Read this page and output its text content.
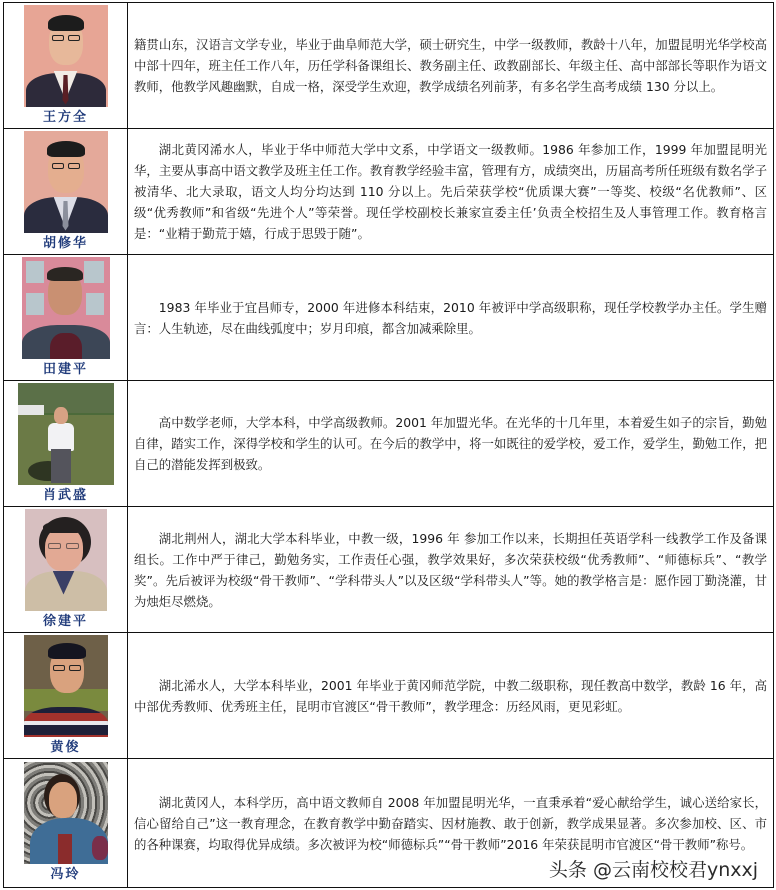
王方全	籍贯山东，汉语言文学专业，毕业于曲阜师范大学，硕士研究生，中学一级教师，教龄十八年，加盟昆明光华学校高中部十四年，班主任工作八年，历任学科备课组长、教务副主任、政教副部长、年级主任、高中部部长等职作为语文教师，他教学风趣幽默，自成一格，深受学生欢迎，教学成绩名列前茅，有多名学生高考成绩 130 分以上。

胡修华	湖北黄冈浠水人，毕业于华中师范大学中文系，中学语文一级教师。1986 年参加工作，1999 年加盟昆明光华，主要从事高中语文教学及班主任工作。教育教学经验丰富，管理有方，成绩突出，历届高考所任班级有数名学子被清华、北大录取，语文人均分均达到 110 分以上。先后荣获学校“优质课大赛”一等奖、校级“名优教师”、区级“优秀教师”和省级“先进个人”等荣誉。现任学校副校长兼家宣委主任’负责全校招生及人事管理工作。教育格言是：“业精于勤荒于嬉，行成于思毁于随”。

田建平	1983 年毕业于宜昌师专，2000 年进修本科结束，2010 年被评中学高级职称，现任学校教学办主任。学生赠言：人生轨迹，尽在曲线弧度中；岁月印痕，都含加减乘除里。

肖武盛	高中数学老师，大学本科，中学高级教师。2001 年加盟光华。在光华的十几年里，本着爱生如子的宗旨，勤勉自律，踏实工作，深得学校和学生的认可。在今后的教学中，将一如既往的爱学校，爱工作，爱学生，勤勉工作，把自己的潜能发挥到极致。

徐建平	湖北荆州人，湖北大学本科毕业，中教一级，1996 年 参加工作以来，长期担任英语学科一线教学工作及备课组长。工作中严于律己，勤勉务实，工作责任心强，教学效果好，多次荣获校级“优秀教师”、“师德标兵”、“教学奖”。先后被评为校级“骨干教师”、“学科带头人”以及区级“学科带头人”等。她的教学格言是：愿作园丁勤浇灌，甘为烛炬尽燃烧。

黄俊	湖北浠水人，大学本科毕业，2001 年毕业于黄冈师范学院，中教二级职称，现任教高中数学，教龄 16 年，高中部优秀教师、优秀班主任，昆明市官渡区“骨干教师”，教学理念：历经风雨，更见彩虹。

冯玲	湖北黄冈人，本科学历，高中语文教师自 2008 年加盟昆明光华，一直秉承着“爱心献给学生，诚心送给家长，信心留给自己”这一教育理念，在教育教学中勤奋踏实、因材施教、敢于创新，教学成果显著。多次参加校、区、市的各种课赛，均取得优异成绩。多次被评为校“师德标兵”“骨干教师”2016 年荣获昆明市官渡区“骨干教师”称号。

头条 @云南校校君ynxxj
